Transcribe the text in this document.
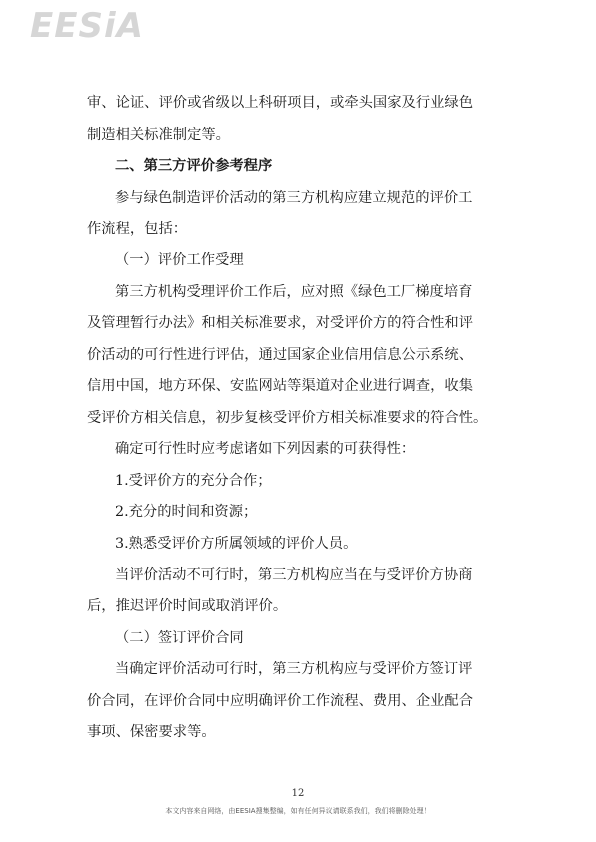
EESiA
审、论证、评价或省级以上科研项目，或牵头国家及行业绿色
制造相关标准制定等。
二、第三方评价参考程序
参与绿色制造评价活动的第三方机构应建立规范的评价工
作流程，包括：
（一）评价工作受理
第三方机构受理评价工作后，应对照《绿色工厂梯度培育
及管理暂行办法》和相关标准要求，对受评价方的符合性和评
价活动的可行性进行评估，通过国家企业信用信息公示系统、
信用中国，地方环保、安监网站等渠道对企业进行调查，收集
受评价方相关信息，初步复核受评价方相关标准要求的符合性。
确定可行性时应考虑诸如下列因素的可获得性：
1.受评价方的充分合作；
2.充分的时间和资源；
3.熟悉受评价方所属领域的评价人员。
当评价活动不可行时，第三方机构应当在与受评价方协商
后，推迟评价时间或取消评价。
（二）签订评价合同
当确定评价活动可行时，第三方机构应与受评价方签订评
价合同，在评价合同中应明确评价工作流程、费用、企业配合
事项、保密要求等。
12
本文内容来自网络，由EESIA搜集整编，如有任何异议请联系我们，我们将删除处理！
